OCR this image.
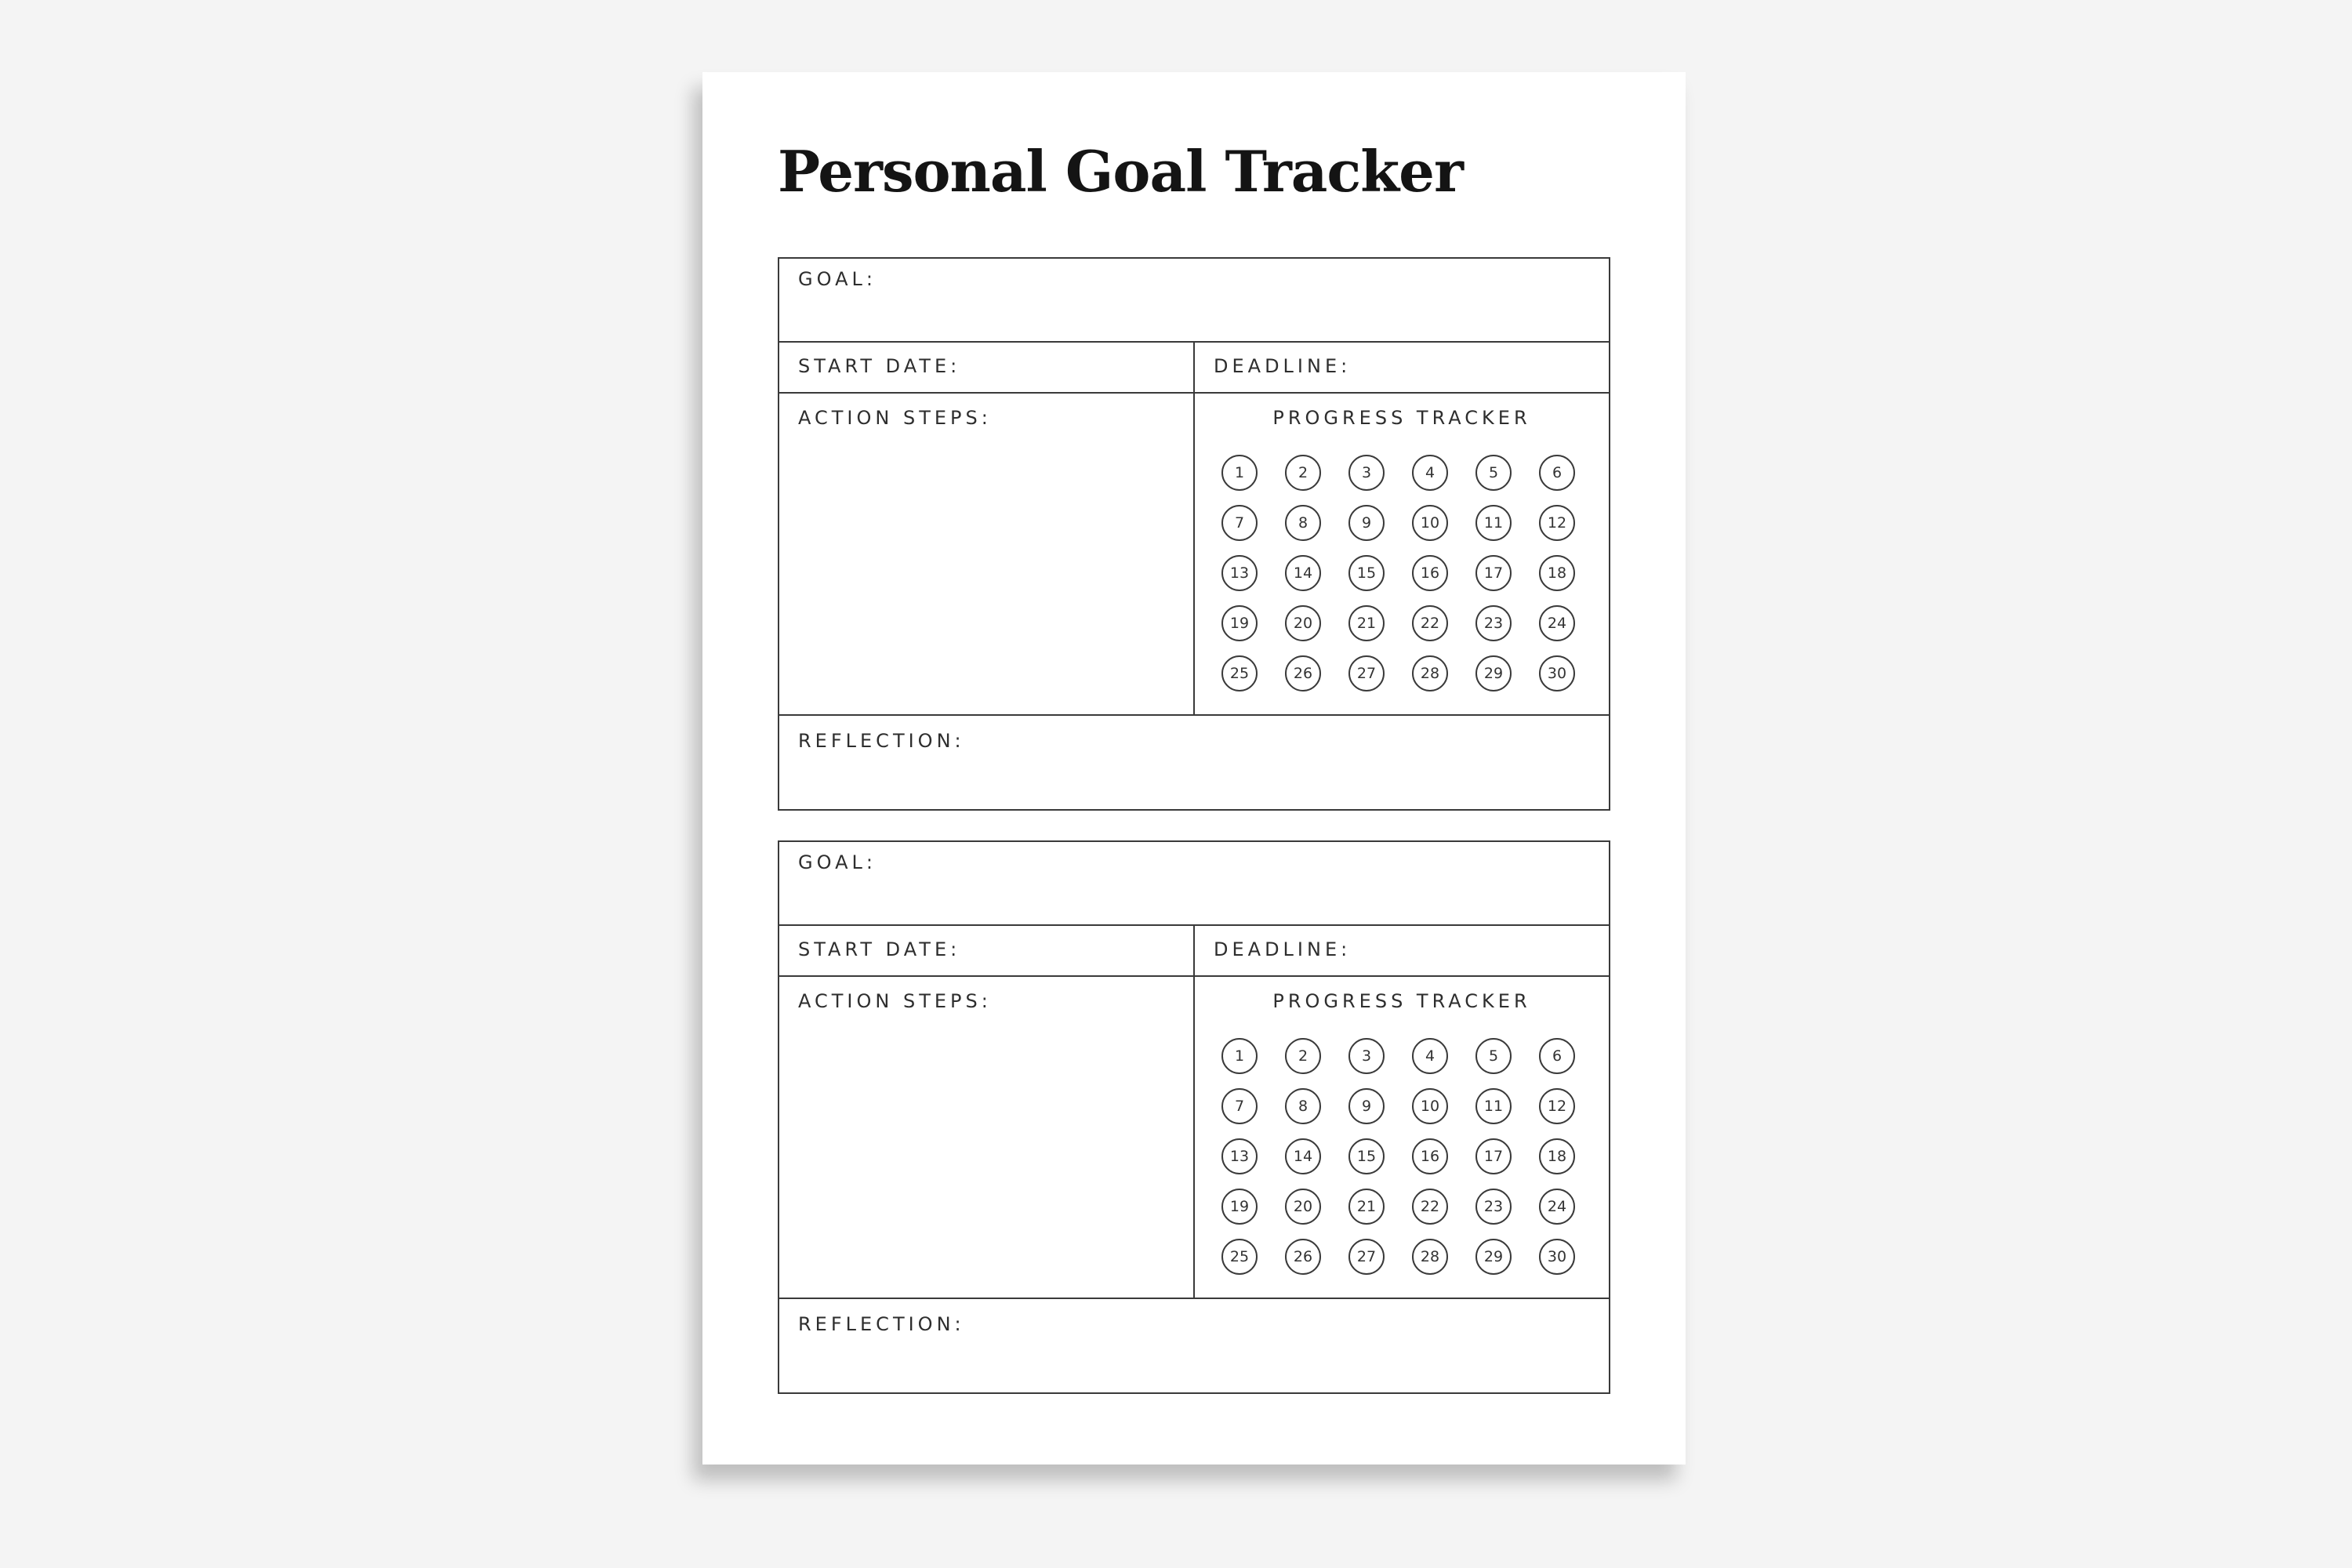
Personal Goal Tracker
GOAL:
START DATE:	DEADLINE:
ACTION STEPS:	PROGRESS TRACKER
1	2	3	4	5	6
7	8	9	10	11	12
13	14	15	16	17	18
19	20	21	22	23	24
25	26	27	28	29	30
REFLECTION:
GOAL:
START DATE:	DEADLINE:
ACTION STEPS:	PROGRESS TRACKER
1	2	3	4	5	6
7	8	9	10	11	12
13	14	15	16	17	18
19	20	21	22	23	24
25	26	27	28	29	30
REFLECTION:
